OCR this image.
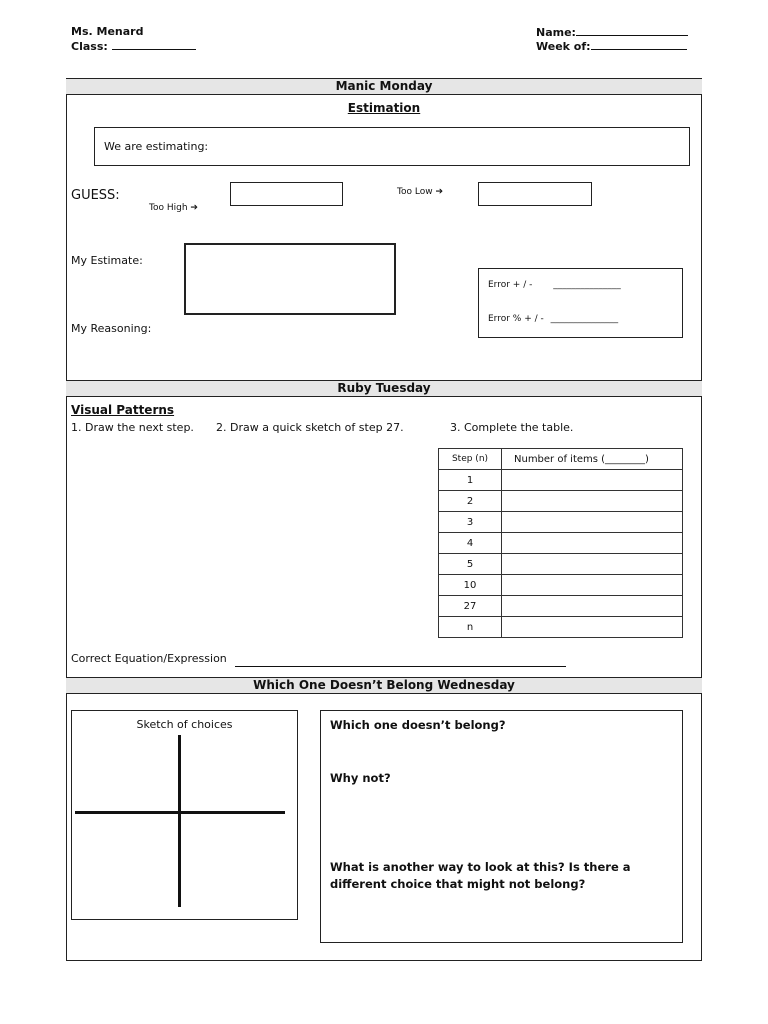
Ms. Menard
Class:
Name:
Week of:
Manic Monday
Estimation
We are estimating:
GUESS:
Too High ➔
Too Low ➔
My Estimate:
My Reasoning:
Error + / - _______________
Error % + / - _______________
Ruby Tuesday
Visual Patterns
1. Draw the next step. 2. Draw a quick sketch of step 27.	3. Complete the table.
Step (n)	Number of items (________)
1	
2	
3	
4	
5	
10	
27	
n	
Correct Equation/Expression
Which One Doesn’t Belong Wednesday
Sketch of choices	Which one doesn’t belong?
Why not?
What is another way to look at this? Is there a different choice that might not belong?
